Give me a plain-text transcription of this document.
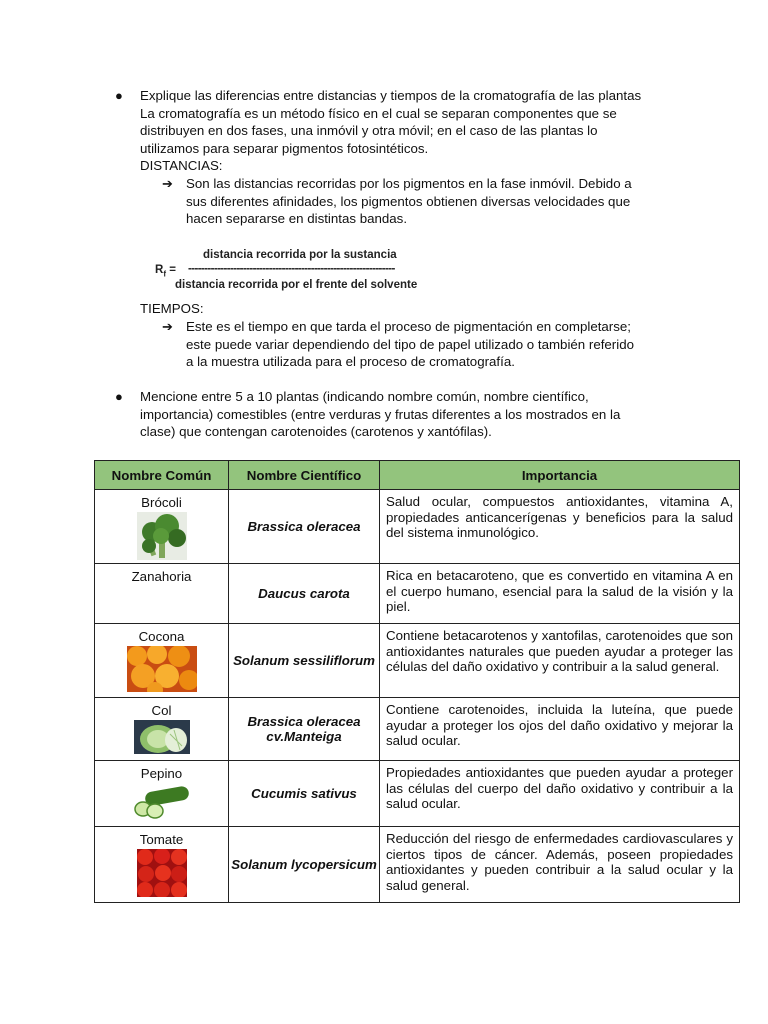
● Explique las diferencias entre distancias y tiempos de la cromatografía de las plantas
La cromatografía es un método físico en el cual se separan componentes que se
distribuyen en dos fases, una inmóvil y otra móvil; en el caso de las plantas lo
utilizamos para separar pigmentos fotosintéticos.
DISTANCIAS:
➔ Son las distancias recorridas por los pigmentos en la fase inmóvil. Debido a
sus diferentes afinidades, los pigmentos obtienen diversas velocidades que
hacen separarse en distintas bandas.
distancia recorrida por la sustancia
$R_f$ = ----------------------------------------------------------------
distancia recorrida por el frente del solvente
TIEMPOS:
➔ Este es el tiempo en que tarda el proceso de pigmentación en completarse;
este puede variar dependiendo del tipo de papel utilizado o también referido
a la muestra utilizada para el proceso de cromatografía.
● Mencione entre 5 a 10 plantas (indicando nombre común, nombre científico,
importancia) comestibles (entre verduras y frutas diferentes a los mostrados en la
clase) que contengan carotenoides (carotenos y xantófilas).
Nombre Común	Nombre Científico	Importancia

Brócoli	Brassica oleracea	Salud ocular, compuestos antioxidantes, vitamina A, propiedades anticancerígenas y beneficios para la salud del sistema inmunológico.

Zanahoria	Daucus carota	Rica en betacaroteno, que es convertido en vitamina A en el cuerpo humano, esencial para la salud de la visión y la piel.

Cocona	Solanum sessiliflorum	Contiene betacarotenos y xantofilas, carotenoides que son antioxidantes naturales que pueden ayudar a proteger las células del daño oxidativo y contribuir a la salud general.

Col	Brassica oleracea cv.Manteiga	Contiene carotenoides, incluida la luteína, que puede ayudar a proteger los ojos del daño oxidativo y mejorar la salud ocular.

Pepino	Cucumis sativus	Propiedades antioxidantes que pueden ayudar a proteger las células del cuerpo del daño oxidativo y contribuir a la salud ocular.

Tomate	Solanum lycopersicum	Reducción del riesgo de enfermedades cardiovasculares y ciertos tipos de cáncer. Además, poseen propiedades antioxidantes y pueden contribuir a la salud ocular y la salud general.
